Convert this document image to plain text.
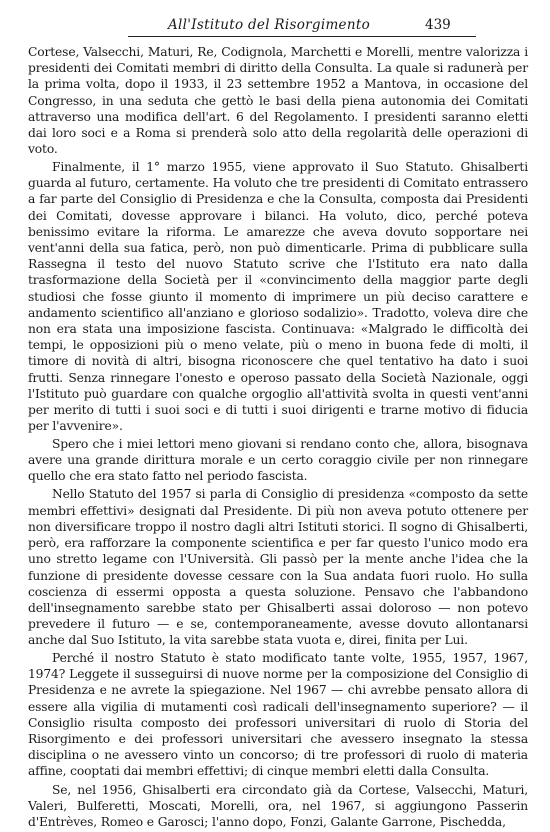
All'Istituto del Risorgimento	439

Cortese, Valsecchi, Maturi, Re, Codignola, Marchetti e Morelli, mentre valorizza i presidenti dei Comitati membri di diritto della Consulta. La quale si radunerà per la prima volta, dopo il 1933, il 23 settembre 1952 a Mantova, in occasione del Congresso, in una seduta che gettò le basi della piena autonomia dei Comitati attraverso una modifica dell'art. 6 del Regolamento. I presidenti saranno eletti dai loro soci e a Roma si prenderà solo atto della regolarità delle operazioni di voto.

Finalmente, il 1° marzo 1955, viene approvato il Suo Statuto. Ghisalberti guarda al futuro, certamente. Ha voluto che tre presidenti di Comitato entrassero a far parte del Consiglio di Presidenza e che la Consulta, composta dai Presidenti dei Comitati, dovesse approvare i bilanci. Ha voluto, dico, perché poteva benissimo evitare la riforma. Le amarezze che aveva dovuto sopportare nei vent'anni della sua fatica, però, non può dimenticarle. Prima di pubblicare sulla Rassegna il testo del nuovo Statuto scrive che l'Istituto era nato dalla trasformazione della Società per il «convincimento della maggior parte degli studiosi che fosse giunto il momento di imprimere un più deciso carattere e andamento scientifico all'anziano e glorioso sodalizio». Tradotto, voleva dire che non era stata una imposizione fascista. Continuava: «Malgrado le difficoltà dei tempi, le opposizioni più o meno velate, più o meno in buona fede di molti, il timore di novità di altri, bisogna riconoscere che quel tentativo ha dato i suoi frutti. Senza rinnegare l'onesto e operoso passato della Società Nazionale, oggi l'Istituto può guardare con qualche orgoglio all'attività svolta in questi vent'anni per merito di tutti i suoi soci e di tutti i suoi dirigenti e trarne motivo di fiducia per l'avvenire».

Spero che i miei lettori meno giovani si rendano conto che, allora, bisognava avere una grande dirittura morale e un certo coraggio civile per non rinnegare quello che era stato fatto nel periodo fascista.

Nello Statuto del 1957 si parla di Consiglio di presidenza «composto da sette membri effettivi» designati dal Presidente. Di più non aveva potuto ottenere per non diversificare troppo il nostro dagli altri Istituti storici. Il sogno di Ghisalberti, però, era rafforzare la componente scientifica e per far questo l'unico modo era uno stretto legame con l'Università. Gli passò per la mente anche l'idea che la funzione di presidente dovesse cessare con la Sua andata fuori ruolo. Ho sulla coscienza di essermi opposta a questa soluzione. Pensavo che l'abbandono dell'insegnamento sarebbe stato per Ghisalberti assai doloroso — non potevo prevedere il futuro — e se, contemporaneamente, avesse dovuto allontanarsi anche dal Suo Istituto, la vita sarebbe stata vuota e, direi, finita per Lui.

Perché il nostro Statuto è stato modificato tante volte, 1955, 1957, 1967, 1974? Leggete il susseguirsi di nuove norme per la composizione del Consiglio di Presidenza e ne avrete la spiegazione. Nel 1967 — chi avrebbe pensato allora di essere alla vigilia di mutamenti così radicali dell'insegnamento superiore? — il Consiglio risulta composto dei professori universitari di ruolo di Storia del Risorgimento e dei professori universitari che avessero insegnato la stessa disciplina o ne avessero vinto un concorso; di tre professori di ruolo di materia affine, cooptati dai membri effettivi; di cinque membri eletti dalla Consulta.

Se, nel 1956, Ghisalberti era circondato già da Cortese, Valsecchi, Maturi, Valeri, Bulferetti, Moscati, Morelli, ora, nel 1967, si aggiungono Passerin d'Entrèves, Romeo e Garosci; l'anno dopo, Fonzi, Galante Garrone, Pischedda,
